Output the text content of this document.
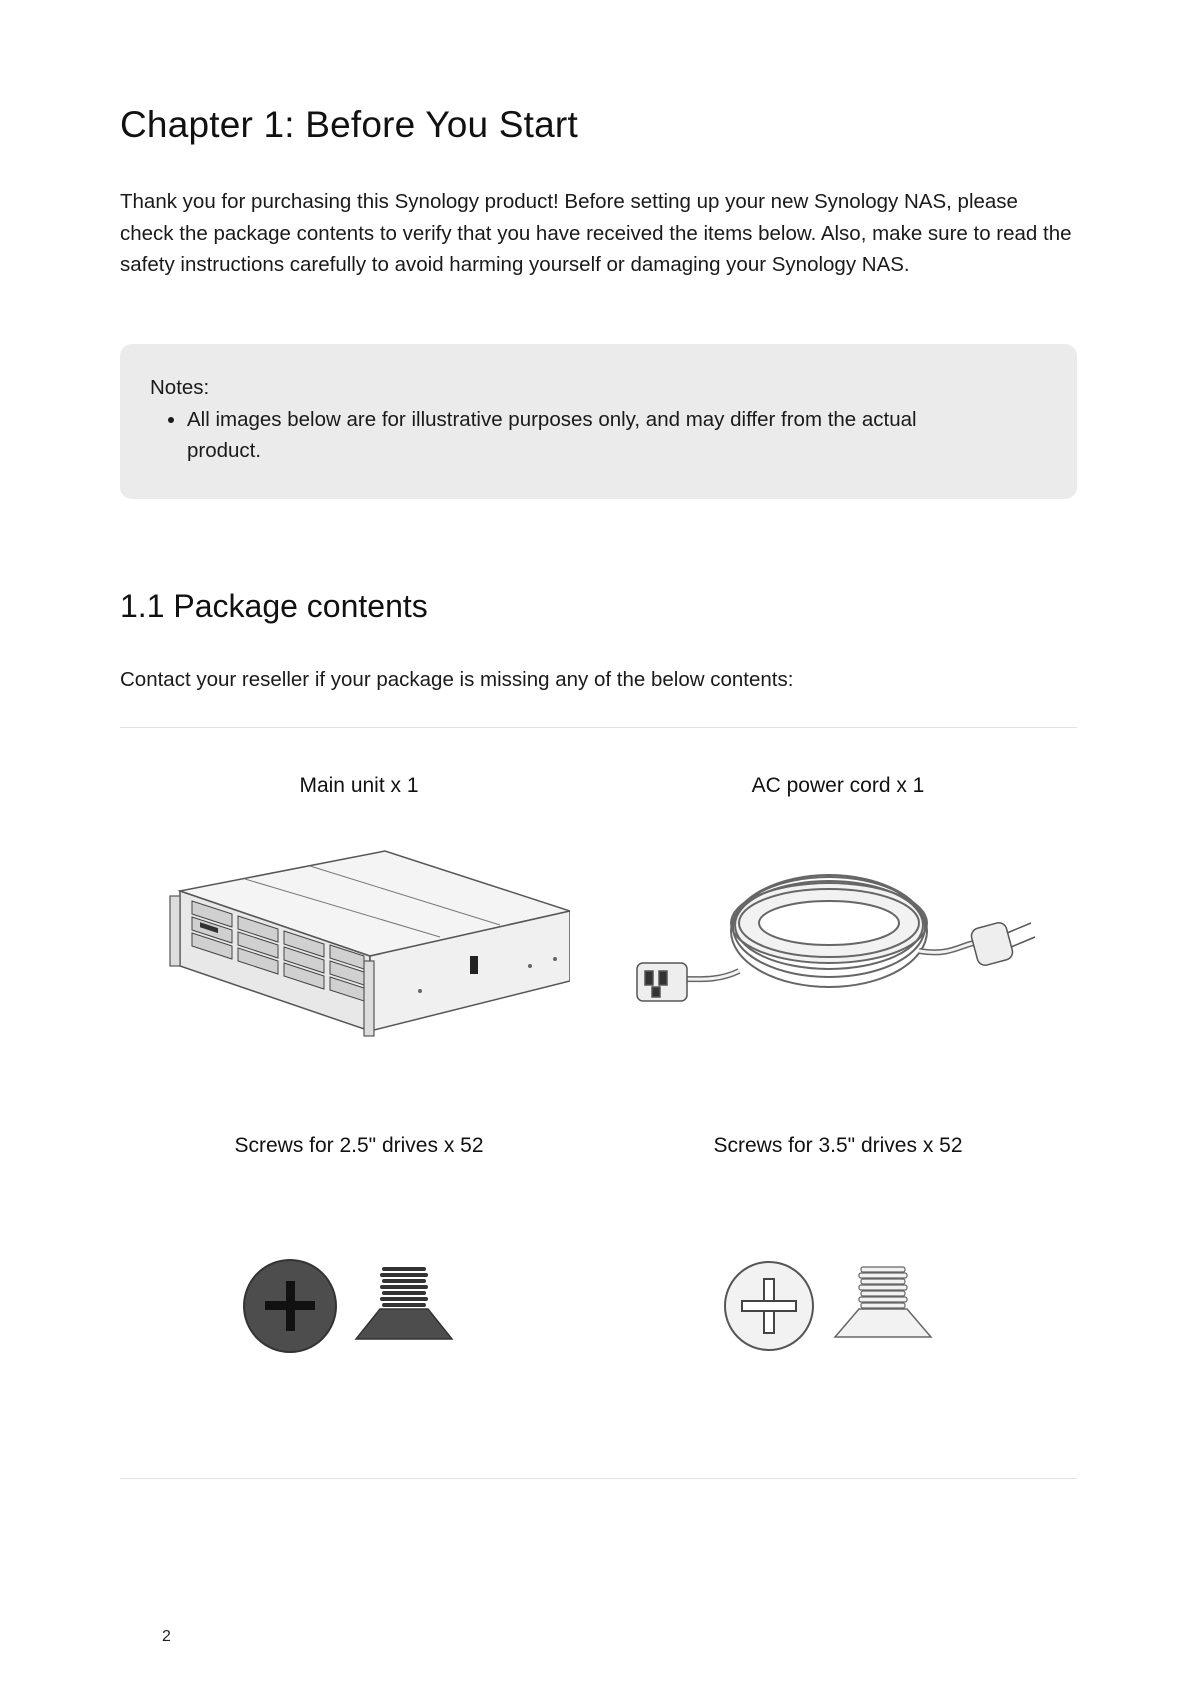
Chapter 1: Before You Start

Thank you for purchasing this Synology product! Before setting up your new Synology NAS, please check the package contents to verify that you have received the items below. Also, make sure to read the safety instructions carefully to avoid harming yourself or damaging your Synology NAS.

Notes:

• All images below are for illustrative purposes only, and may differ from the actual product.
1.1 Package contents

Contact your reseller if your package is missing any of the below contents:

Main unit x 1	AC power cord x 1
Screws for 2.5" drives x 52	Screws for 3.5" drives x 52
2
